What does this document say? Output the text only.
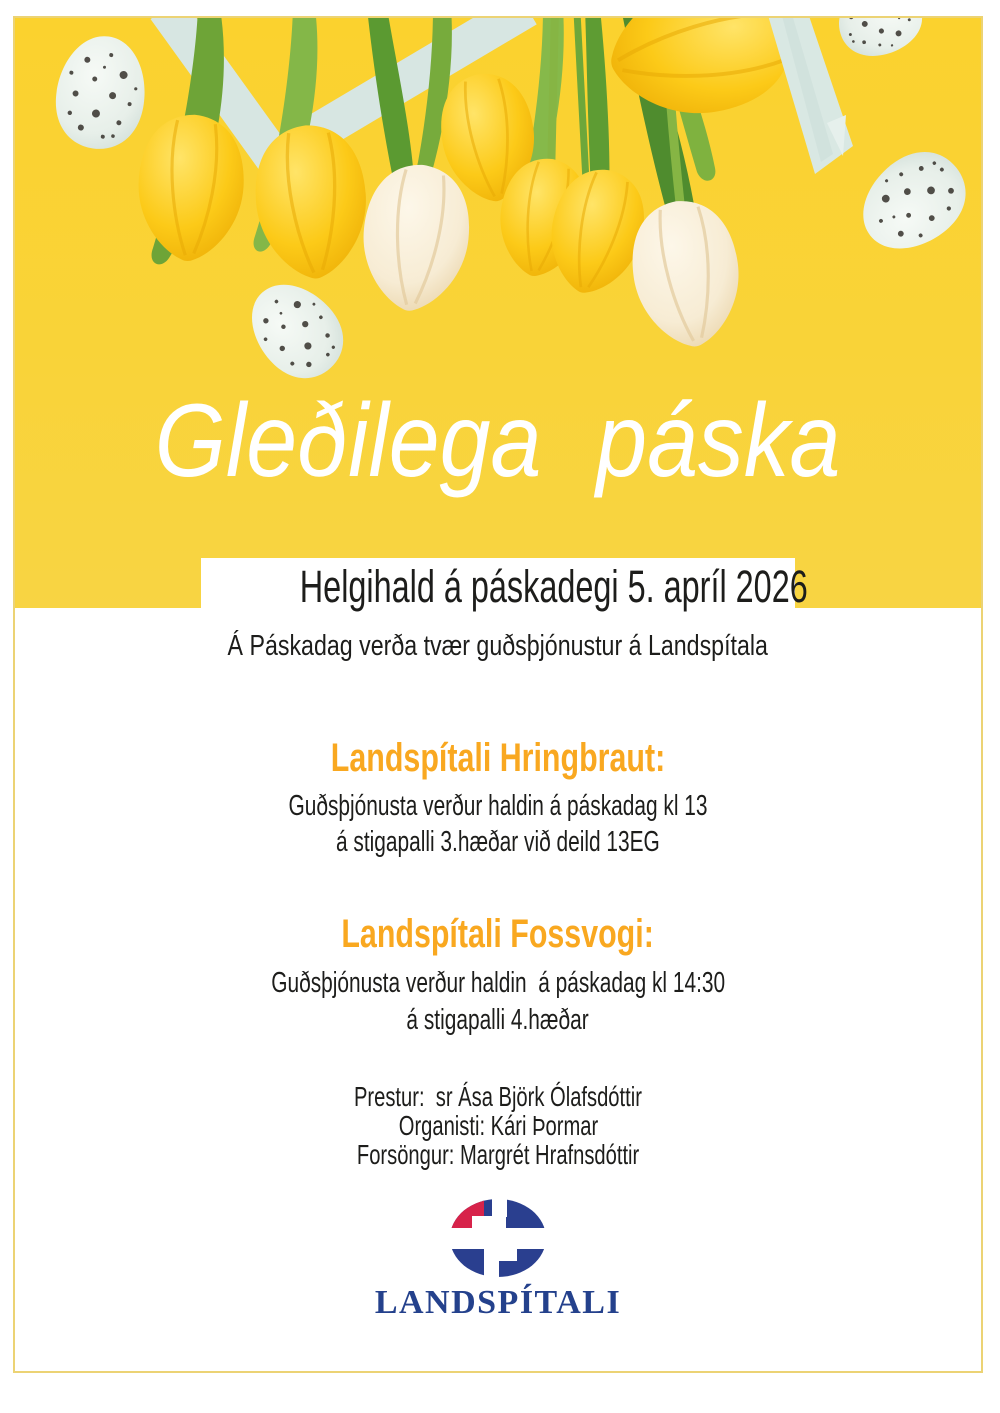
Gleðilega páska
Helgihald á páskadegi 5. apríl 2026
Á Páskadag verða tvær guðsþjónustur á Landspítala
Landspítali Hringbraut:
Guðsþjónusta verður haldin á páskadag kl 13
á stigapalli 3.hæðar við deild 13EG
Landspítali Fossvogi:
Guðsþjónusta verður haldin  á páskadag kl 14:30
á stigapalli 4.hæðar
Prestur:  sr Ása Björk Ólafsdóttir
Organisti: Kári Þormar
Forsöngur: Margrét Hrafnsdóttir
LANDSPÍTALI
